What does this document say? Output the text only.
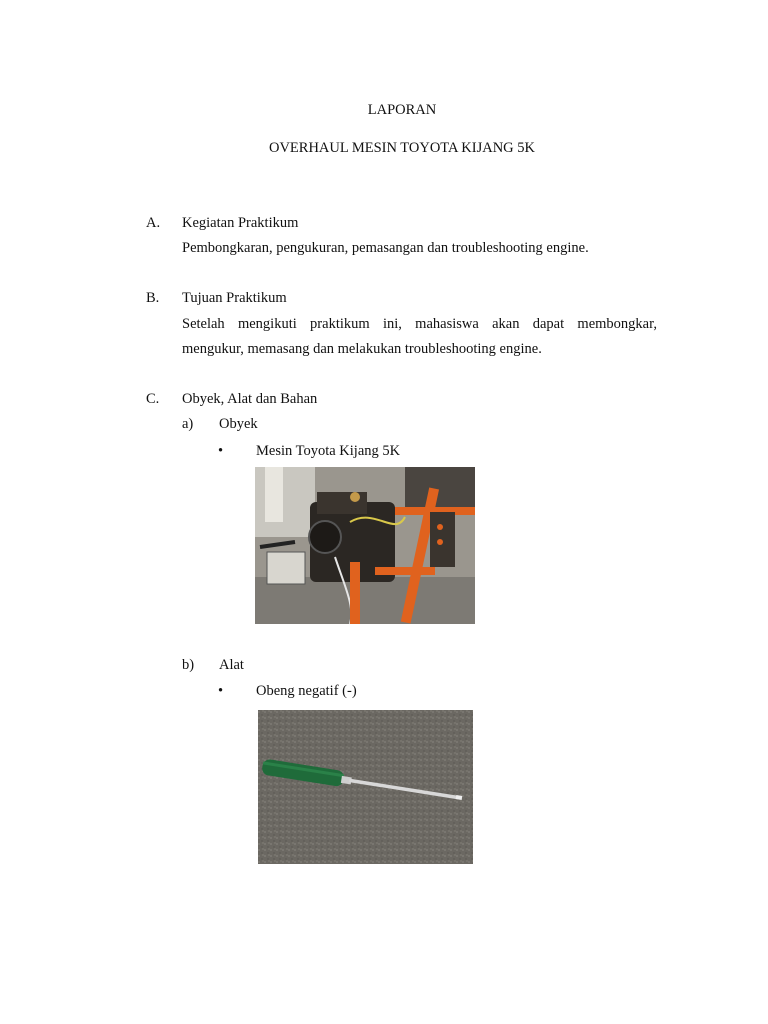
LAPORAN
OVERHAUL MESIN TOYOTA KIJANG 5K
A. Kegiatan Praktikum
Pembongkaran, pengukuran, pemasangan dan troubleshooting engine.
B. Tujuan Praktikum
Setelah mengikuti praktikum ini, mahasiswa akan dapat membongkar,
mengukur, memasang dan melakukan troubleshooting engine.
C. Obyek, Alat dan Bahan
a) Obyek
• Mesin Toyota Kijang 5K
b) Alat
• Obeng negatif (-)
